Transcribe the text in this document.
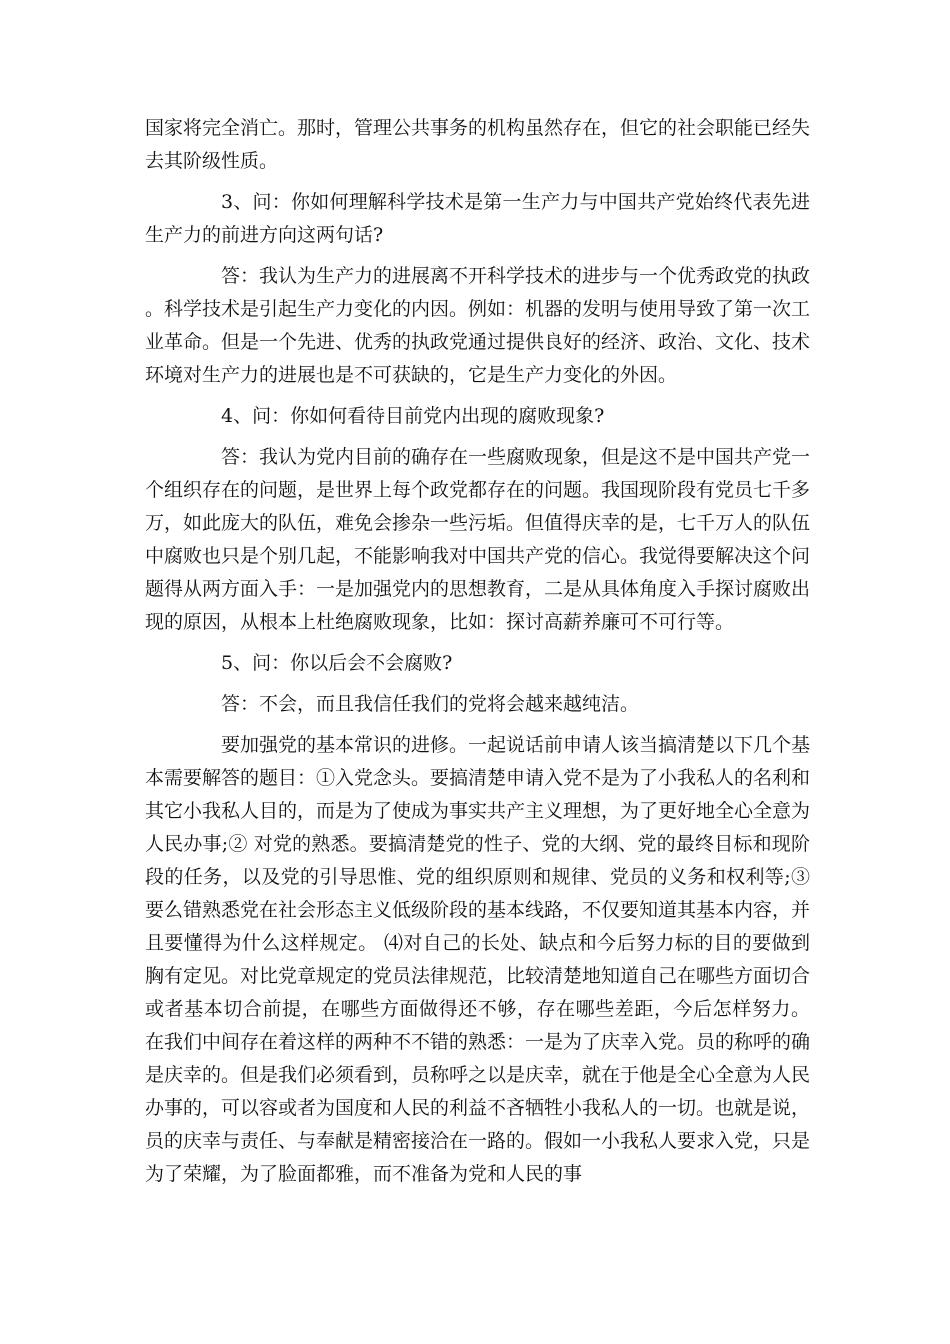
国家将完全消亡。那时，管理公共事务的机构虽然存在，但它的社会职能已经失去其阶级性质。

3、问：你如何理解科学技术是第一生产力与中国共产党始终代表先进生产力的前进方向这两句话?

答：我认为生产力的进展离不开科学技术的进步与一个优秀政党的执政。科学技术是引起生产力变化的内因。例如：机器的发明与使用导致了第一次工业革命。但是一个先进、优秀的执政党通过提供良好的经济、政治、文化、技术环境对生产力的进展也是不可获缺的，它是生产力变化的外因。

4、问：你如何看待目前党内出现的腐败现象?

答：我认为党内目前的确存在一些腐败现象，但是这不是中国共产党一个组织存在的问题，是世界上每个政党都存在的问题。我国现阶段有党员七千多万，如此庞大的队伍，难免会掺杂一些污垢。但值得庆幸的是，七千万人的队伍中腐败也只是个别几起，不能影响我对中国共产党的信心。我觉得要解决这个问题得从两方面入手：一是加强党内的思想教育，二是从具体角度入手探讨腐败出现的原因，从根本上杜绝腐败现象，比如：探讨高薪养廉可不可行等。

5、问：你以后会不会腐败?

答：不会，而且我信任我们的党将会越来越纯洁。

要加强党的基本常识的进修。一起说话前申请人该当搞清楚以下几个基本需要解答的题目：①入党念头。要搞清楚申请入党不是为了小我私人的名利和其它小我私人目的，而是为了使成为事实共产主义理想，为了更好地全心全意为人民办事;② 对党的熟悉。要搞清楚党的性子、党的大纲、党的最终目标和现阶段的任务，以及党的引导思惟、党的组织原则和规律、党员的义务和权利等;③ 要么错熟悉党在社会形态主义低级阶段的基本线路，不仅要知道其基本内容，并且要懂得为什么这样规定。 ⑷对自己的长处、缺点和今后努力标的目的要做到胸有定见。对比党章规定的党员法律规范，比较清楚地知道自己在哪些方面切合或者基本切合前提，在哪些方面做得还不够，存在哪些差距，今后怎样努力。 在我们中间存在着这样的两种不不错的熟悉：一是为了庆幸入党。员的称呼的确是庆幸的。但是我们必须看到，员称呼之以是庆幸，就在于他是全心全意为人民办事的，可以容或者为国度和人民的利益不吝牺牲小我私人的一切。也就是说，员的庆幸与责任、与奉献是精密接洽在一路的。假如一小我私人要求入党，只是为了荣耀，为了脸面都雅，而不准备为党和人民的事
